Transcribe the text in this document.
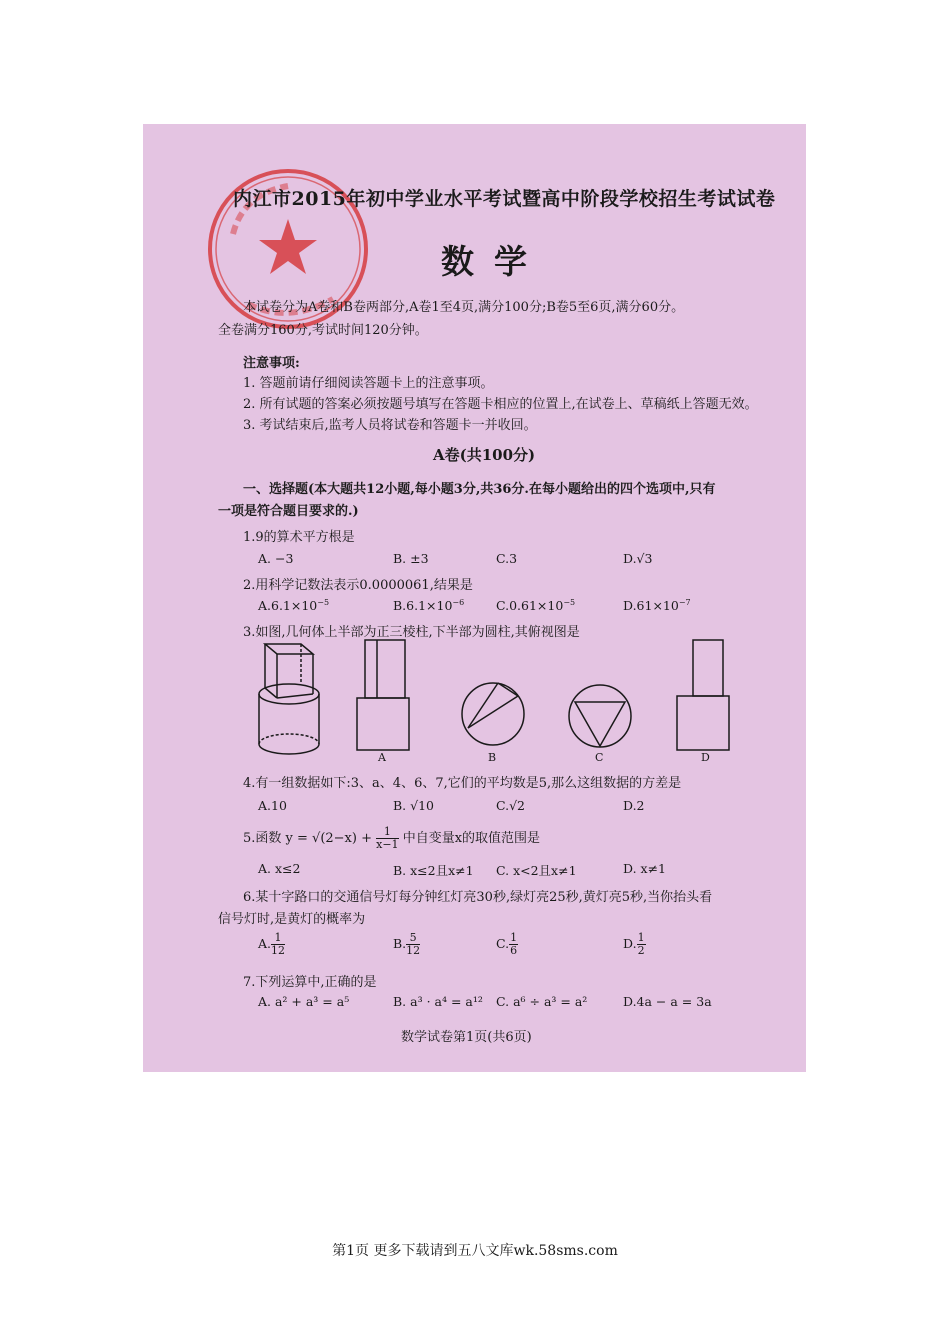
内江市2015年初中学业水平考试暨高中阶段学校招生考试试卷
数学
本试卷分为A卷和B卷两部分,A卷1至4页,满分100分;B卷5至6页,满分60分。
全卷满分160分,考试时间120分钟。
注意事项:
1. 答题前请仔细阅读答题卡上的注意事项。
2. 所有试题的答案必须按题号填写在答题卡相应的位置上,在试卷上、草稿纸上答题无效。
3. 考试结束后,监考人员将试卷和答题卡一并收回。
A卷(共100分)
一、选择题(本大题共12小题,每小题3分,共36分.在每小题给出的四个选项中,只有
一项是符合题目要求的.)
1.9的算术平方根是
A. −3	B. ±3	C.3	D.√3
2.用科学记数法表示0.0000061,结果是
$A.6.1\times 10^{-5}$	$B.6.1\times 10^{-6}$	$C.0.61\times 10^{-5}$	$D.61\times 10^{-7}$
3.如图,几何体上半部为正三棱柱,下半部为圆柱,其俯视图是
A	B	C	D
4.有一组数据如下:3、a、4、6、7,它们的平均数是5,那么这组数据的方差是
A.10	B. √10	C.√2	D.2
5.函数 $y = √(2-x) + \frac{1}{x-1}$ 中自变量x的取值范围是
A. x≤2	B. x≤2且x≠1 C. x<2且x≠1	D. x≠1
6.某十字路口的交通信号灯每分钟红灯亮30秒,绿灯亮25秒,黄灯亮5秒,当你抬头看
信号灯时,是黄灯的概率为
A. $\frac{1}{12}$	B. $\frac{5}{12}$	C. $\frac{1}{6}$	D. $\frac{1}{2}$
7.下列运算中,正确的是
A. a² + a³ = a⁵	B. a³ · a⁴ = a¹² C. a⁶ ÷ a³ = a²	D.4a − a = 3a
数学试卷第1页(共6页)
第1页 更多下载请到五八文库wk.58sms.com
